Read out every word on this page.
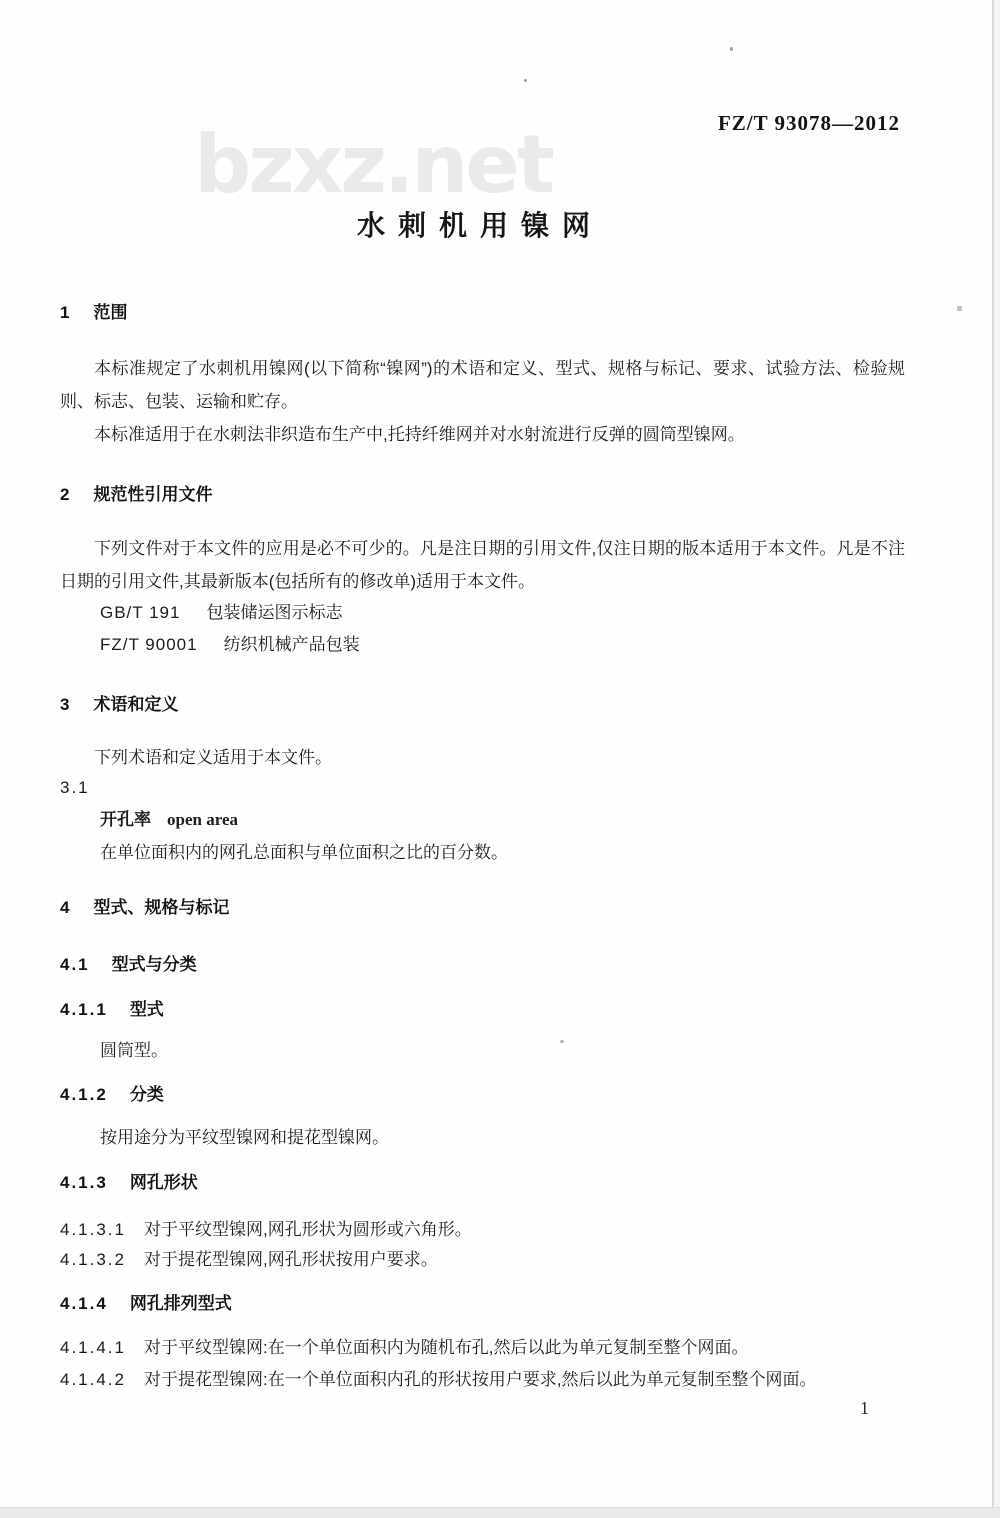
bzxz.net	FZ/T 93078—2012
水刺机用镍网
1 范围
本标准规定了水刺机用镍网(以下简称“镍网”)的术语和定义、型式、规格与标记、要求、试验方法、检验规则、标志、包装、运输和贮存。
本标准适用于在水刺法非织造布生产中,托持纤维网并对水射流进行反弹的圆筒型镍网。
2 规范性引用文件
下列文件对于本文件的应用是必不可少的。凡是注日期的引用文件,仅注日期的版本适用于本文件。凡是不注日期的引用文件,其最新版本(包括所有的修改单)适用于本文件。
GB/T 191 包装储运图示标志
FZ/T 90001 纺织机械产品包装
3 术语和定义
下列术语和定义适用于本文件。
3.1
开孔率 open area
在单位面积内的网孔总面积与单位面积之比的百分数。
4 型式、规格与标记
4.1 型式与分类
4.1.1 型式
圆筒型。
4.1.2 分类
按用途分为平纹型镍网和提花型镍网。
4.1.3 网孔形状
4.1.3.1 对于平纹型镍网,网孔形状为圆形或六角形。
4.1.3.2 对于提花型镍网,网孔形状按用户要求。
4.1.4 网孔排列型式
4.1.4.1 对于平纹型镍网:在一个单位面积内为随机布孔,然后以此为单元复制至整个网面。
4.1.4.2 对于提花型镍网:在一个单位面积内孔的形状按用户要求,然后以此为单元复制至整个网面。
1
